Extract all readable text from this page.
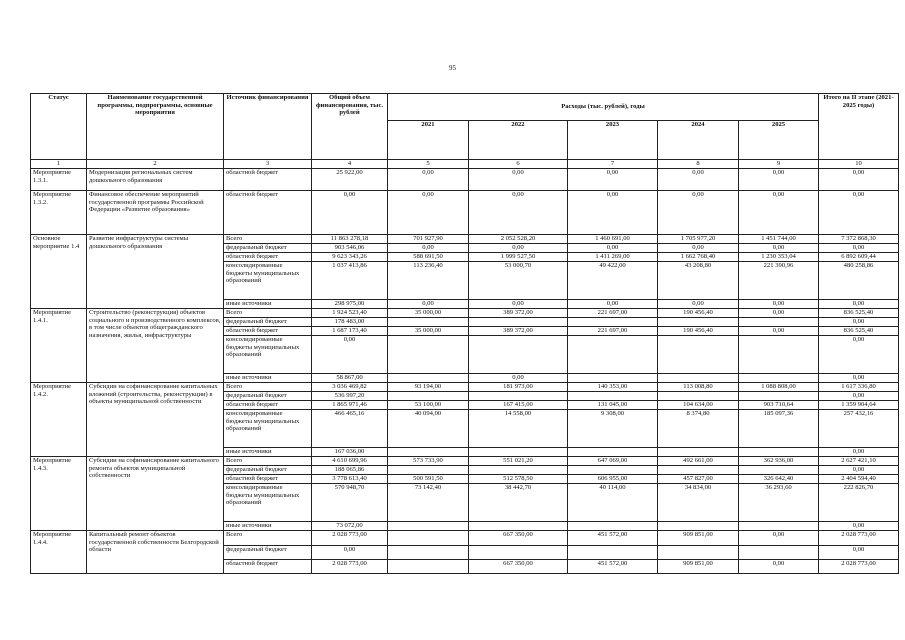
95
Статус	Наименование государственной программы, подпрограммы, основные мероприятия	Источник финансирования	Общий объем финансирования, тыс. рублей	Расходы (тыс. рублей), годы					Итого на II этапе (2021-2025 годы)
				2021	2022	2023	2024	2025	
1	2	3	4	5	6	7	8	9	10
Мероприятие 1.3.1.	Модернизация региональных систем дошкольного образования	областной бюджет	25 922,00	0,00	0,00	0,00	0,00	0,00	0,00
Мероприятие 1.3.2.	Финансовое обеспечение мероприятий государственной программы Российской Федерации «Развитие образования»	областной бюджет	0,00	0,00	0,00	0,00	0,00	0,00	0,00
Основное мероприятие 1.4	Развитие инфраструктуры системы дошкольного образования	Всего	11 863 278,18	701 927,90	2 052 528,20	1 460 691,00	1 705 977,20	1 451 744,00	7 372 868,30
		федеральный бюджет	903 546,06	0,00	0,00	0,00	0,00	0,00	0,00
		областной бюджет	9 623 343,26	588 691,50	1 999 527,50	1 411 269,00	1 662 768,40	1 230 353,04	6 892 609,44
		консолидированные бюджеты муниципальных образований	1 037 413,86	113 236,40	53 000,70	49 422,00	43 208,80	221 390,96	480 258,86
		иные источники	298 975,00	0,00	0,00	0,00	0,00	0,00	0,00
Мероприятие 1.4.1.	Строительство (реконструкция) объектов социального и производственного комплексов, в том числе объектов общегражданского назначения, жилья, инфраструктуры	Всего	1 924 523,40	35 000,00	389 372,00	221 697,00	190 456,40	0,00	836 525,40
		федеральный бюджет	178 483,00						0,00
		областной бюджет	1 687 173,40	35 000,00	389 372,00	221 697,00	190 456,40	0,00	836 525,40
		консолидированные бюджеты муниципальных образований	0,00						0,00
		иные источники	58 867,00		0,00				0,00
Мероприятие 1.4.2.	Субсидии на софинансирование капитальных вложений (строительства, реконструкции) в объекты муниципальной собственности	Всего	3 036 469,82	93 194,00	181 973,00	140 353,00	113 008,80	1 088 808,00	1 617 336,80
		федеральный бюджет	536 997,20						0,00
		областной бюджет	1 865 971,46	53 100,00	167 415,00	131 045,00	104 634,00	903 710,64	1 359 904,64
		консолидированные бюджеты муниципальных образований	466 465,16	40 094,00	14 558,00	9 308,00	8 374,80	185 097,36	257 432,16
		иные источники	167 036,00						0,00
Мероприятие 1.4.3.	Субсидии на софинансирование капитального ремонта объектов муниципальной собственности	Всего	4 610 699,96	573 733,90	551 021,20	647 069,00	492 661,00	362 936,00	2 627 421,10
		федеральный бюджет	188 065,86						0,00
		областной бюджет	3 778 613,40	500 591,50	512 578,50	606 955,00	457 827,00	326 642,40	2 404 594,40
		консолидированные бюджеты муниципальных образований	570 948,70	73 142,40	38 442,70	40 114,00	34 834,00	36 293,60	222 826,70
		иные источники	73 072,00						0,00
Мероприятие 1.4.4.	Капитальный ремонт объектов государственной собственности Белгородской области	Всего	2 028 773,00		667 350,00	451 572,00	909 851,00	0,00	2 028 773,00
		федеральный бюджет	0,00						0,00
		областной бюджет	2 028 773,00		667 350,00	451 572,00	909 851,00	0,00	2 028 773,00
